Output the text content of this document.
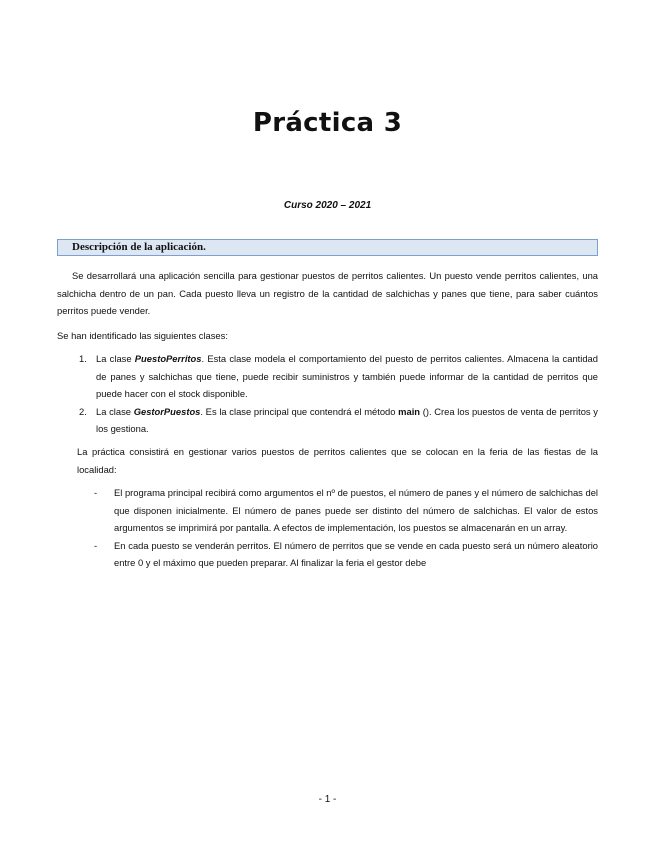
Práctica 3
Curso 2020 – 2021
Descripción de la aplicación.
Se desarrollará una aplicación sencilla para gestionar puestos de perritos calientes. Un puesto vende perritos calientes, una salchicha dentro de un pan. Cada puesto lleva un registro de la cantidad de salchichas y panes que tiene, para saber cuántos perritos puede vender.
Se han identificado las siguientes clases:
1. La clase PuestoPerritos. Esta clase modela el comportamiento del puesto de perritos calientes. Almacena la cantidad de panes y salchichas que tiene, puede recibir suministros y también puede informar de la cantidad de perritos que puede hacer con el stock disponible.
2. La clase GestorPuestos. Es la clase principal que contendrá el método main (). Crea los puestos de venta de perritos y los gestiona.
La práctica consistirá en gestionar varios puestos de perritos calientes que se colocan en la feria de las fiestas de la localidad:
- El programa principal recibirá como argumentos el nº de puestos, el número de panes y el número de salchichas del que disponen inicialmente. El número de panes puede ser distinto del número de salchichas. El valor de estos argumentos se imprimirá por pantalla. A efectos de implementación, los puestos se almacenarán en un array.
- En cada puesto se venderán perritos. El número de perritos que se vende en cada puesto será un número aleatorio entre 0 y el máximo que pueden preparar. Al finalizar la feria el gestor debe
- 1 -
